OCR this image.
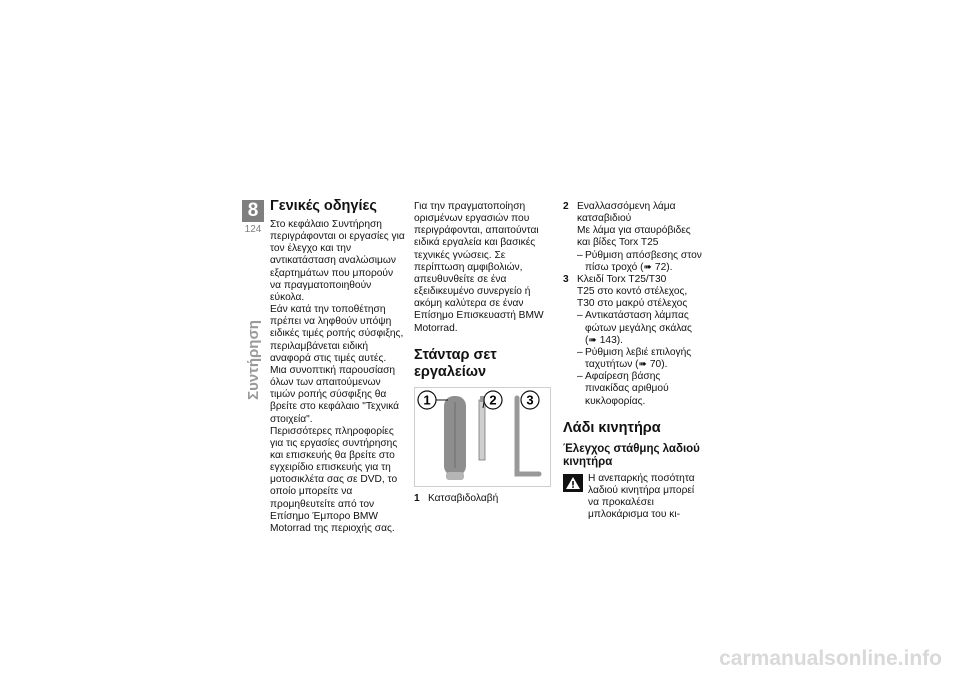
8
124
Συντήρηση
Γενικές οδηγίες

Στο κεφάλαιο Συντήρηση περιγράφονται οι εργασίες για τον έλεγχο και την αντικατάσταση αναλώσιμων εξαρτημάτων που μπορούν να πραγματοποιηθούν εύκολα.

Εάν κατά την τοποθέτηση πρέπει να ληφθούν υπόψη ειδικές τιμές ροπής σύσφιξης, περιλαμβάνεται ειδική αναφορά στις τιμές αυτές. Μια συνοπτική παρουσίαση όλων των απαιτούμενων τιμών ροπής σύσφιξης θα βρείτε στο κεφάλαιο "Τεχνικά στοιχεία".

Περισσότερες πληροφορίες για τις εργασίες συντήρησης και επισκευής θα βρείτε στο εγχειρίδιο επισκευής για τη μοτοσικλέτα σας σε DVD, το οποίο μπορείτε να προμηθευτείτε από τον Επίσημο Έμπορο BMW Motorrad της περιοχής σας.

Για την πραγματοποίηση ορισμένων εργασιών που περιγράφονται, απαιτούνται ειδικά εργαλεία και βασικές τεχνικές γνώσεις. Σε περίπτωση αμφιβολιών, απευθυνθείτε σε ένα εξειδικευμένο συνεργείο ή ακόμη καλύτερα σε έναν Επίσημο Επισκευαστή BMW Motorrad.

Στάνταρ σετ εργαλείων
1	2 3
1 Κατσαβιδολαβή
2 Εναλλασσόμενη λάμα κατσαβιδιού

Με λάμα για σταυρόβιδες και βίδες Torx T25

– Ρύθμιση απόσβεσης στον πίσω τροχό (➠ 72).
3 Κλειδί Torx T25/T30

T25 στο κοντό στέλεχος, T30 στο μακρύ στέλεχος

– Αντικατάσταση λάμπας φώτων μεγάλης σκάλας (➠ 143).
– Ρύθμιση λεβιέ επιλογής ταχυτήτων (➠ 70).
– Αφαίρεση βάσης πινακίδας αριθμού κυκλοφορίας.
Λάδι κινητήρα
Έλεγχος στάθμης λαδιού κινητήρα

Η ανεπαρκής ποσότητα λαδιού κινητήρα μπορεί να προκαλέσει μπλοκάρισμα του κι-

carmanualsonline.info
